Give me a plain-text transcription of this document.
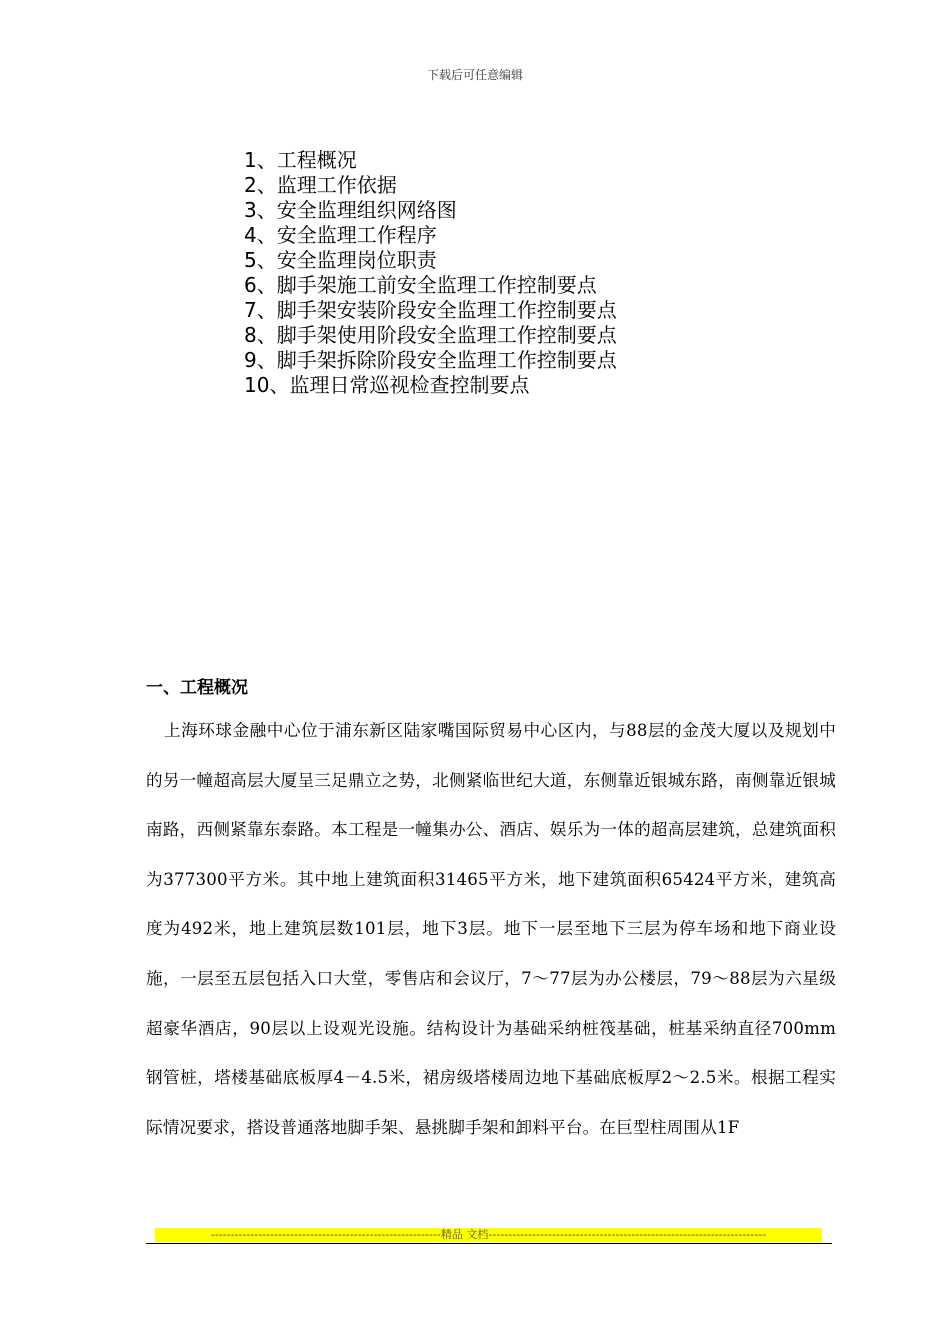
下载后可任意编辑
1、工程概况
2、监理工作依据
3、安全监理组织网络图
4、安全监理工作程序
5、安全监理岗位职责
6、脚手架施工前安全监理工作控制要点
7、脚手架安装阶段安全监理工作控制要点
8、脚手架使用阶段安全监理工作控制要点
9、脚手架拆除阶段安全监理工作控制要点
10、监理日常巡视检查控制要点
一、工程概况

上海环球金融中心位于浦东新区陆家嘴国际贸易中心区内，与88层的金茂大厦以及规划中的另一幢超高层大厦呈三足鼎立之势，北侧紧临世纪大道，东侧靠近银城东路，南侧靠近银城南路，西侧紧靠东泰路。本工程是一幢集办公、酒店、娱乐为一体的超高层建筑，总建筑面积为377300平方米。其中地上建筑面积31465平方米，地下建筑面积65424平方米，建筑高度为492米，地上建筑层数101层，地下3层。地下一层至地下三层为停车场和地下商业设施，一层至五层包括入口大堂，零售店和会议厅，7～77层为办公楼层，79～88层为六星级超豪华酒店，90层以上设观光设施。结构设计为基础采纳桩筏基础，桩基采纳直径700mm钢管桩，塔楼基础底板厚4－4.5米，裙房级塔楼周边地下基础底板厚2～2.5米。根据工程实际情况要求，搭设普通落地脚手架、悬挑脚手架和卸料平台。在巨型柱周围从1F

----------------------------------------------------------精品 文档----------------------------------------------------------------------
